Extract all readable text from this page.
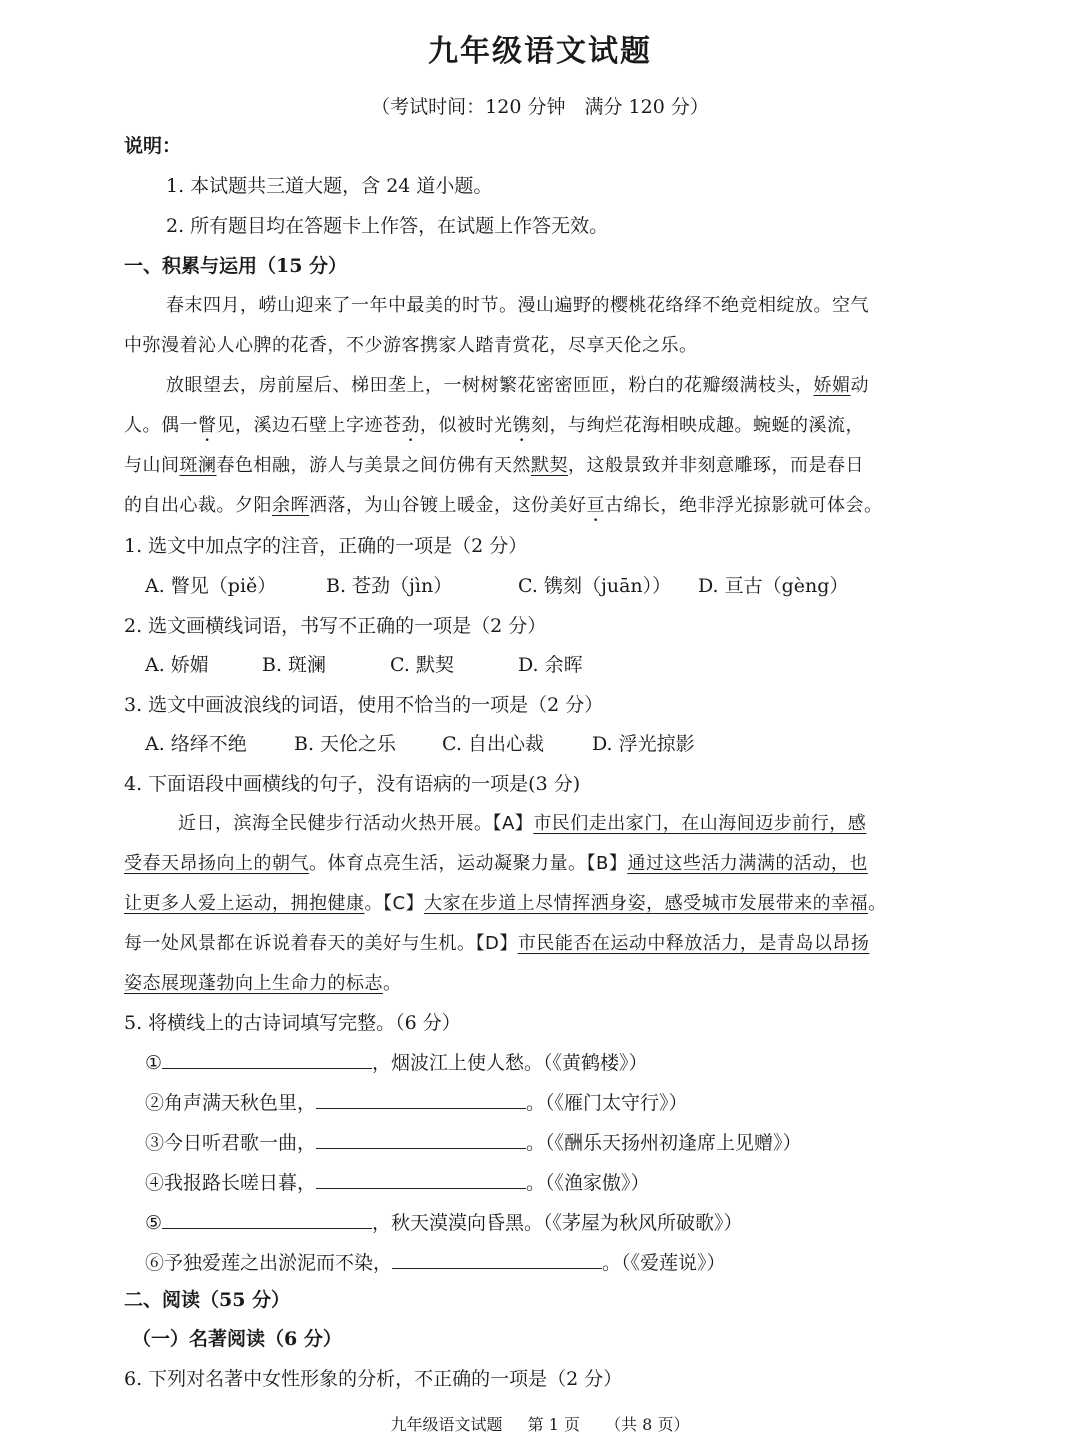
九年级语文试题
（考试时间：120 分钟　满分 120 分）
说明：
1. 本试题共三道大题，含 24 道小题。
2. 所有题目均在答题卡上作答，在试题上作答无效。
一、积累与运用（15 分）
春末四月，崂山迎来了一年中最美的时节。漫山遍野的樱桃花络绎不绝竞相绽放。空气
中弥漫着沁人心脾的花香，不少游客携家人踏青赏花，尽享天伦之乐。
放眼望去，房前屋后、梯田垄上，一树树繁花密密匝匝，粉白的花瓣缀满枝头，娇媚动
人。偶一瞥见，溪边石壁上字迹苍劲，似被时光镌刻，与绚烂花海相映成趣。蜿蜒的溪流，
与山间斑澜春色相融，游人与美景之间仿佛有天然默契，这般景致并非刻意雕琢，而是春日
的自出心裁。夕阳余晖洒落，为山谷镀上暖金，这份美好亘古绵长，绝非浮光掠影就可体会。
1. 选文中加点字的注音，正确的一项是（2 分）
A. 瞥见（piě）	B. 苍劲（jìn）	C. 镌刻（juān）） D. 亘古（gèng）
2. 选文画横线词语，书写不正确的一项是（2 分）
A. 娇媚	B. 斑澜	C. 默契	D. 余晖
3. 选文中画波浪线的词语，使用不恰当的一项是（2 分）
A. 络绎不绝 B. 天伦之乐 C. 自出心裁	D. 浮光掠影
4. 下面语段中画横线的句子，没有语病的一项是(3 分)
近日，滨海全民健步行活动火热开展。【A】市民们走出家门，在山海间迈步前行，感
受春天昂扬向上的朝气。体育点亮生活，运动凝聚力量。【B】通过这些活力满满的活动，也
让更多人爱上运动，拥抱健康。【C】大家在步道上尽情挥洒身姿，感受城市发展带来的幸福。
每一处风景都在诉说着春天的美好与生机。【D】市民能否在运动中释放活力，是青岛以昂扬
姿态展现蓬勃向上生命力的标志。
5. 将横线上的古诗词填写完整。（6 分）
①	，烟波江上使人愁。（《黄鹤楼》）
②角声满天秋色里，	。（《雁门太守行》）
③今日听君歌一曲，	。（《酬乐天扬州初逢席上见赠》）
④我报路长嗟日暮，	。（《渔家傲》）
⑤	，秋天漠漠向昏黑。（《茅屋为秋风所破歌》）
⑥予独爱莲之出淤泥而不染，	。（《爱莲说》）
二、阅读（55 分）
（一）名著阅读（6 分）
6. 下列对名著中女性形象的分析，不正确的一项是（2 分）
九年级语文试题 第 1 页 （共 8 页）
